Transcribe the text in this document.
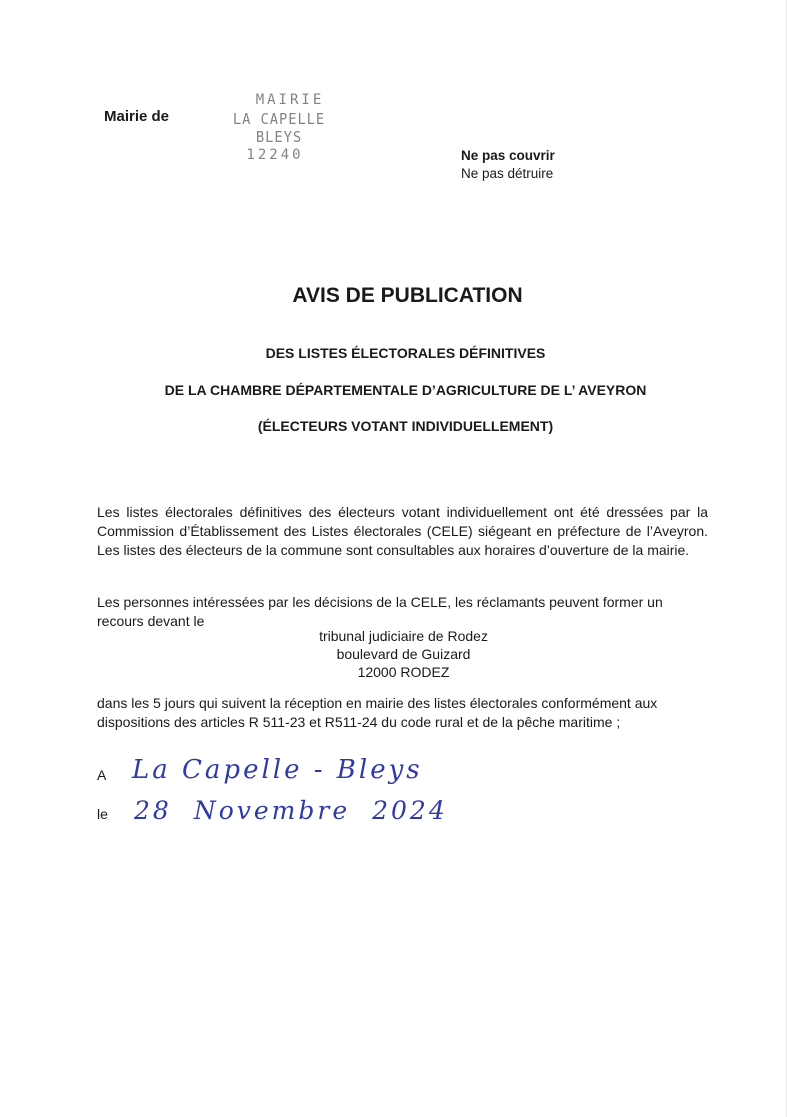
Mairie de
MAIRIE
LA CAPELLE BLEYS
12240	Ne pas couvrir
Ne pas détruire
AVIS DE PUBLICATION
DES LISTES ÉLECTORALES DÉFINITIVES
DE LA CHAMBRE DÉPARTEMENTALE D’AGRICULTURE DE L’ AVEYRON
(ÉLECTEURS VOTANT INDIVIDUELLEMENT)
Les listes électorales définitives des électeurs votant individuellement ont été dressées par la Commission d’Établissement des Listes électorales (CELE) siégeant en préfecture de l’Aveyron. Les listes des électeurs de la commune sont consultables aux horaires d’ouverture de la mairie.
Les personnes intéressées par les décisions de la CELE, les réclamants peuvent former un recours devant le
tribunal judiciaire de Rodez
boulevard de Guizard
12000 RODEZ
dans les 5 jours qui suivent la réception en mairie des listes électorales conformément aux dispositions des articles R 511-23 et R511-24 du code rural et de la pêche maritime ;
A La Capelle - Bleys
le 28 Novembre 2024
